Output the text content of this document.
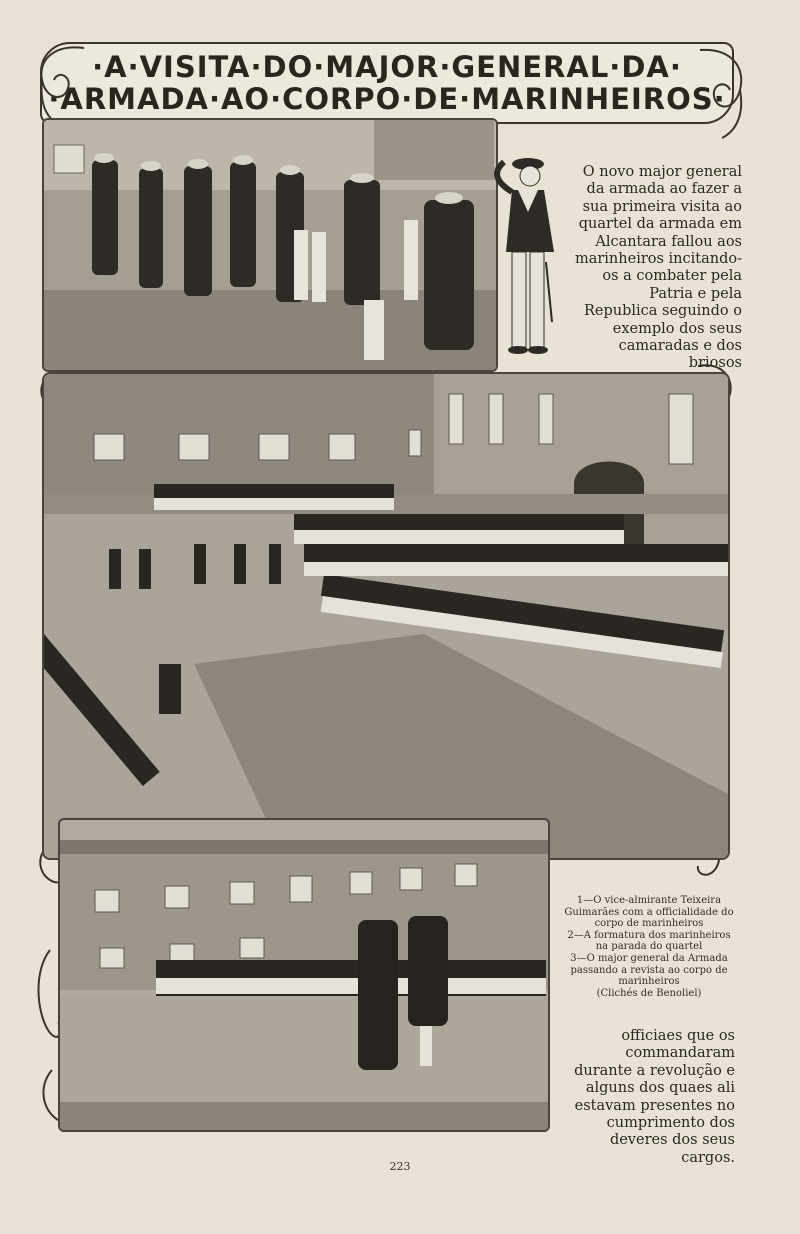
·A·VISITA·DO·MAJOR·GENERAL·DA·
·ARMADA·AO·CORPO·DE·MARINHEIROS·

O novo major general da armada ao fazer a sua primeira visita ao quartel da armada em Alcantara fallou aos marinheiros incitando-os a combater pela Patria e pela Republica seguindo o exemplo dos seus camaradas e dos briosos

1—O vice-almirante Teixeira Guimarães com a officialidade do corpo de marinheiros
2—A formatura dos marinheiros na parada do quartel
3—O major general da Armada passando a revista ao corpo de marinheiros
(Clichés de Benoliel)

officiaes que os commandaram durante a revolução e alguns dos quaes ali estavam presentes no cumprimento dos deveres dos seus cargos.

223
